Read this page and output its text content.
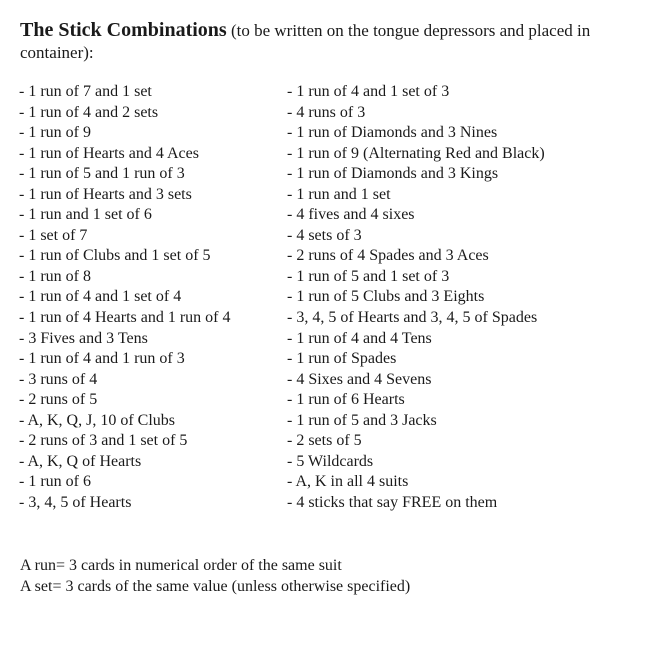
The Stick Combinations (to be written on the tongue depressors and placed in container):
- 1 run of 7 and 1 set
- 1 run of 4 and 2 sets
- 1 run of 9
- 1 run of Hearts and 4 Aces
- 1 run of 5 and 1 run of 3
- 1 run of Hearts and 3 sets
- 1 run and 1 set of 6
- 1 set of 7
- 1 run of Clubs and 1 set of 5
- 1 run of 8
- 1 run of 4 and 1 set of 4
- 1 run of 4 Hearts and 1 run of 4
- 3 Fives and 3 Tens
- 1 run of 4 and 1 run of 3
- 3 runs of 4
- 2 runs of 5
- A, K, Q, J, 10 of Clubs
- 2 runs of 3 and 1 set of 5
- A, K, Q of Hearts
- 1 run of 6
- 3, 4, 5 of Hearts
- 1 run of 4 and 1 set of 3
- 4 runs of 3
- 1 run of Diamonds and 3 Nines
- 1 run of 9 (Alternating Red and Black)
- 1 run of Diamonds and 3 Kings
- 1 run and 1 set
- 4 fives and 4 sixes
- 4 sets of 3
- 2 runs of 4 Spades and 3 Aces
- 1 run of 5 and 1 set of 3
- 1 run of 5 Clubs and 3 Eights
- 3, 4, 5 of Hearts and 3, 4, 5 of Spades
- 1 run of 4 and 4 Tens
- 1 run of Spades
- 4 Sixes and 4 Sevens
- 1 run of 6 Hearts
- 1 run of 5 and 3 Jacks
- 2 sets of 5
- 5 Wildcards
- A, K in all 4 suits
- 4 sticks that say FREE on them
A run= 3 cards in numerical order of the same suit
A set= 3 cards of the same value (unless otherwise specified)
